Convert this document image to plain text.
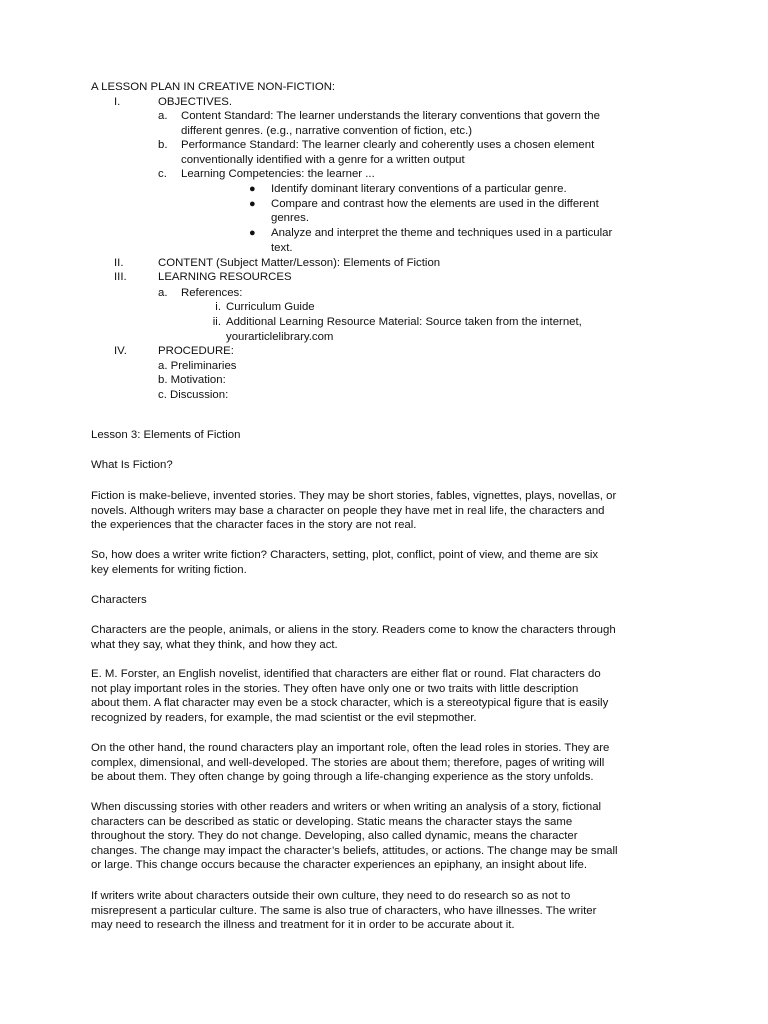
A LESSON PLAN IN CREATIVE NON-FICTION:
I.	OBJECTIVES.
a. Content Standard: The learner understands the literary conventions that govern the
different genres. (e.g., narrative convention of fiction, etc.)
b. Performance Standard: The learner clearly and coherently uses a chosen element
conventionally identified with a genre for a written output
c. Learning Competencies: the learner ...
● Identify dominant literary conventions of a particular genre.
● Compare and contrast how the elements are used in the different
genres.
● Analyze and interpret the theme and techniques used in a particular
text.
II.	CONTENT (Subject Matter/Lesson): Elements of Fiction
III.	LEARNING RESOURCES
a. References:
i. Curriculum Guide
ii. Additional Learning Resource Material: Source taken from the internet,
yourarticlelibrary.com
IV.	PROCEDURE:
a. Preliminaries
b. Motivation:
c. Discussion:
Lesson 3: Elements of Fiction
What Is Fiction?

Fiction is make-believe, invented stories. They may be short stories, fables, vignettes, plays, novellas, or

novels. Although writers may base a character on people they have met in real life, the characters and

the experiences that the character faces in the story are not real.

So, how does a writer write fiction? Characters, setting, plot, conflict, point of view, and theme are six

key elements for writing fiction.

Characters

Characters are the people, animals, or aliens in the story. Readers come to know the characters through

what they say, what they think, and how they act.

E. M. Forster, an English novelist, identified that characters are either flat or round. Flat characters do

not play important roles in the stories. They often have only one or two traits with little description

about them. A flat character may even be a stock character, which is a stereotypical figure that is easily

recognized by readers, for example, the mad scientist or the evil stepmother.

On the other hand, the round characters play an important role, often the lead roles in stories. They are

complex, dimensional, and well-developed. The stories are about them; therefore, pages of writing will

be about them. They often change by going through a life-changing experience as the story unfolds.

When discussing stories with other readers and writers or when writing an analysis of a story, fictional

characters can be described as static or developing. Static means the character stays the same

throughout the story. They do not change. Developing, also called dynamic, means the character

changes. The change may impact the character’s beliefs, attitudes, or actions. The change may be small

or large. This change occurs because the character experiences an epiphany, an insight about life.

If writers write about characters outside their own culture, they need to do research so as not to

misrepresent a particular culture. The same is also true of characters, who have illnesses. The writer

may need to research the illness and treatment for it in order to be accurate about it.
